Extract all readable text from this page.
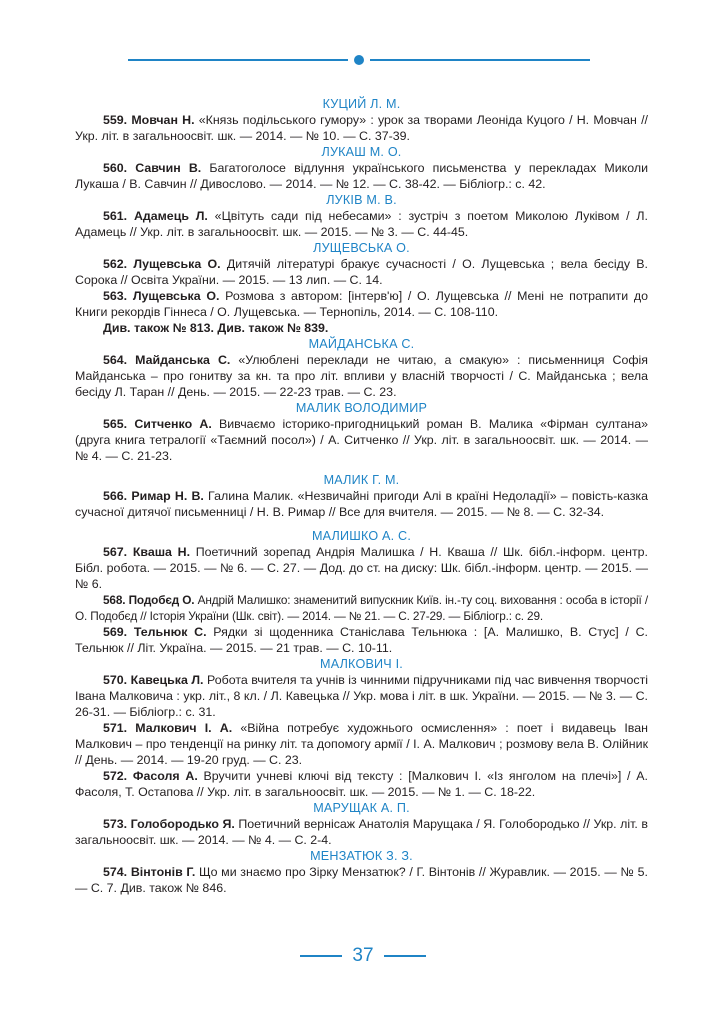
КУЦИЙ Л. М.
559. Мовчан Н. «Князь подільського гумору» : урок за творами Леоніда Куцого / Н. Мовчан // Укр. літ. в загальноосвіт. шк. — 2014. — № 10. — С. 37-39.
ЛУКАШ М. О.
560. Савчин В. Багатоголосе відлуння українського письменства у перекладах Миколи Лукаша / В. Савчин // Дивослово. — 2014. — № 12. — С. 38-42. — Бібліогр.: с. 42.
ЛУКІВ М. В.
561. Адамець Л. «Цвітуть сади під небесами» : зустріч з поетом Миколою Луківом / Л. Адамець // Укр. літ. в загальноосвіт. шк. — 2015. — № 3. — С. 44-45.
ЛУЩЕВСЬКА О.
562. Лущевська О. Дитячій літературі бракує сучасності / О. Лущевська ; вела бесіду В. Сорока // Освіта України. — 2015. — 13 лип. — С. 14.
563. Лущевська О. Розмова з автором: [інтерв'ю] / О. Лущевська // Мені не потрапити до Книги рекордів Гіннеса / О. Лущевська. — Тернопіль, 2014. — С. 108-110.
Див. також № 813. Див. також № 839.
МАЙДАНСЬКА С.
564. Майданська С. «Улюблені переклади не читаю, а смакую» : письменниця Софія Майданська – про гонитву за кн. та про літ. впливи у власній творчості / С. Майданська ; вела бесіду Л. Таран // День. — 2015. — 22-23 трав. — С. 23.
МАЛИК ВОЛОДИМИР
565. Ситченко А. Вивчаємо історико-пригодницький роман В. Малика «Фірман султана» (друга книга тетралогії «Таємний посол») / А. Ситченко // Укр. літ. в загальноосвіт. шк. — 2014. — № 4. — С. 21-23.
МАЛИК Г. М.
566. Римар Н. В. Галина Малик. «Незвичайні пригоди Алі в країні Недоладії» – повість-казка сучасної дитячої письменниці / Н. В. Римар // Все для вчителя. — 2015. — № 8. — С. 32-34.
МАЛИШКО А. С.
567. Кваша Н. Поетичний зорепад Андрія Малишка / Н. Кваша // Шк. бібл.-інформ. центр. Бібл. робота. — 2015. — № 6. — С. 27. — Дод. до ст. на диску: Шк. бібл.-інформ. центр. — 2015. — № 6.
568. Подобєд О. Андрій Малишко: знаменитий випускник Київ. ін.-ту соц. виховання : особа в історії / О. Подобєд // Історія України (Шк. світ). — 2014. — № 21. — С. 27-29. — Бібліогр.: с. 29.
569. Тельнюк С. Рядки зі щоденника Станіслава Тельнюка : [А. Малишко, В. Стус] / С. Тельнюк // Літ. Україна. — 2015. — 21 трав. — С. 10-11.
МАЛКОВИЧ І.
570. Кавецька Л. Робота вчителя та учнів із чинними підручниками під час вивчення творчості Івана Малковича : укр. літ., 8 кл. / Л. Кавецька // Укр. мова і літ. в шк. України. — 2015. — № 3. — С. 26-31. — Бібліогр.: с. 31.
571. Малкович І. А. «Війна потребує художнього осмислення» : поет і видавець Іван Малкович – про тенденції на ринку літ. та допомогу армії / І. А. Малкович ; розмову вела В. Олійник // День. — 2014. — 19-20 груд. — С. 23.
572. Фасоля А. Вручити учневі ключі від тексту : [Малкович І. «Із янголом на плечі»] / А. Фасоля, Т. Остапова // Укр. літ. в загальноосвіт. шк. — 2015. — № 1. — С. 18-22.
МАРУЩАК А. П.
573. Голобородько Я. Поетичний вернісаж Анатолія Марущака / Я. Голобородько // Укр. літ. в загальноосвіт. шк. — 2014. — № 4. — С. 2-4.
МЕНЗАТЮК З. З.
574. Вінтонів Г. Що ми знаємо про Зірку Мензатюк? / Г. Вінтонів // Журавлик. — 2015. — № 5. — С. 7. Див. також № 846.
37
